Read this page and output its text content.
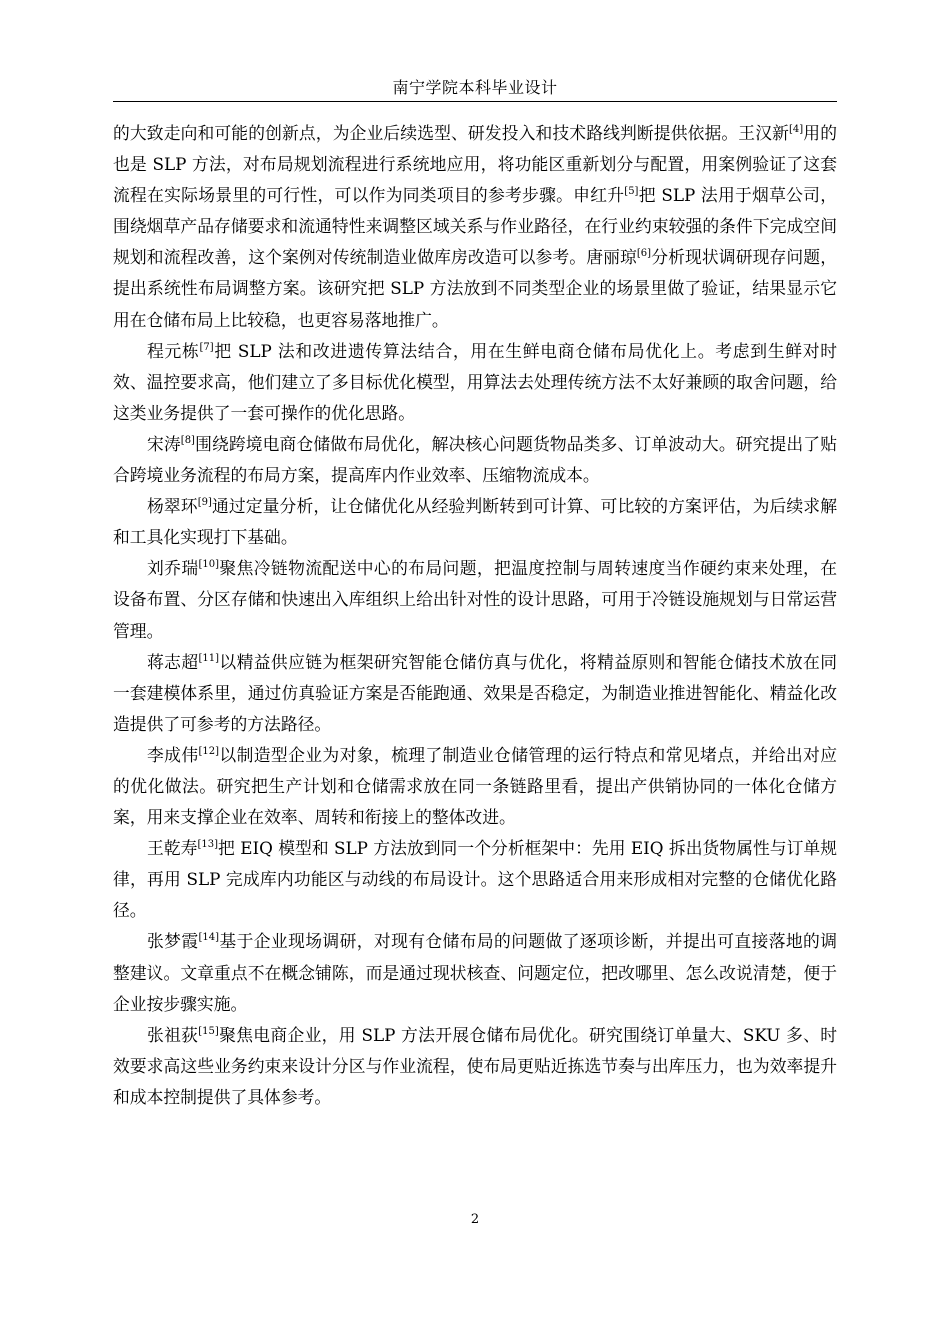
南宁学院本科毕业设计

的大致走向和可能的创新点，为企业后续选型、研发投入和技术路线判断提供依据。王汉新[4]用的也是 SLP 方法，对布局规划流程进行系统地应用，将功能区重新划分与配置，用案例验证了这套流程在实际场景里的可行性，可以作为同类项目的参考步骤。申红升[5]把 SLP 法用于烟草公司，围绕烟草产品存储要求和流通特性来调整区域关系与作业路径，在行业约束较强的条件下完成空间规划和流程改善，这个案例对传统制造业做库房改造可以参考。唐丽琼[6]分析现状调研现存问题，提出系统性布局调整方案。该研究把 SLP 方法放到不同类型企业的场景里做了验证，结果显示它用在仓储布局上比较稳，也更容易落地推广。

程元栋[7]把 SLP 法和改进遗传算法结合，用在生鲜电商仓储布局优化上。考虑到生鲜对时效、温控要求高，他们建立了多目标优化模型，用算法去处理传统方法不太好兼顾的取舍问题，给这类业务提供了一套可操作的优化思路。

宋涛[8]围绕跨境电商仓储做布局优化，解决核心问题货物品类多、订单波动大。研究提出了贴合跨境业务流程的布局方案，提高库内作业效率、压缩物流成本。

杨翠环[9]通过定量分析，让仓储优化从经验判断转到可计算、可比较的方案评估，为后续求解和工具化实现打下基础。

刘乔瑞[10]聚焦冷链物流配送中心的布局问题，把温度控制与周转速度当作硬约束来处理，在设备布置、分区存储和快速出入库组织上给出针对性的设计思路，可用于冷链设施规划与日常运营管理。

蒋志超[11]以精益供应链为框架研究智能仓储仿真与优化，将精益原则和智能仓储技术放在同一套建模体系里，通过仿真验证方案是否能跑通、效果是否稳定，为制造业推进智能化、精益化改造提供了可参考的方法路径。

李成伟[12]以制造型企业为对象，梳理了制造业仓储管理的运行特点和常见堵点，并给出对应的优化做法。研究把生产计划和仓储需求放在同一条链路里看，提出产供销协同的一体化仓储方案，用来支撑企业在效率、周转和衔接上的整体改进。

王乾寿[13]把 EIQ 模型和 SLP 方法放到同一个分析框架中：先用 EIQ 拆出货物属性与订单规律，再用 SLP 完成库内功能区与动线的布局设计。这个思路适合用来形成相对完整的仓储优化路径。

张梦霞[14]基于企业现场调研，对现有仓储布局的问题做了逐项诊断，并提出可直接落地的调整建议。文章重点不在概念铺陈，而是通过现状核查、问题定位，把改哪里、怎么改说清楚，便于企业按步骤实施。

张祖荻[15]聚焦电商企业，用 SLP 方法开展仓储布局优化。研究围绕订单量大、SKU 多、时效要求高这些业务约束来设计分区与作业流程，使布局更贴近拣选节奏与出库压力，也为效率提升和成本控制提供了具体参考。

2
